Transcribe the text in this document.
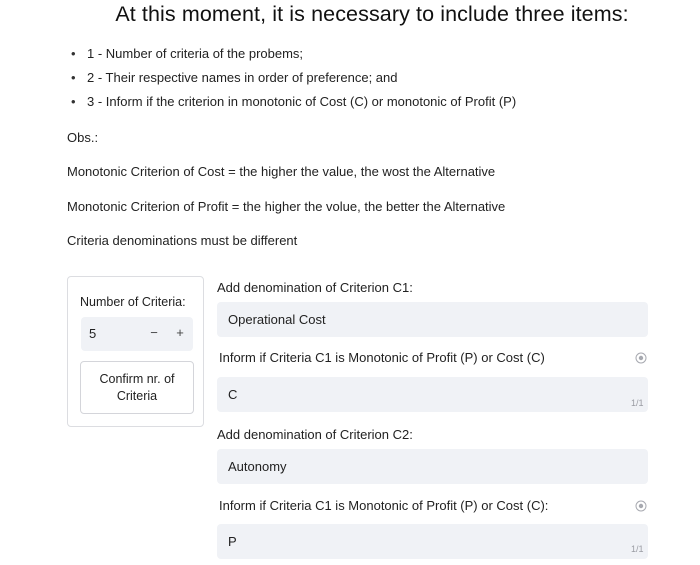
At this moment, it is necessary to include three items:
• 1 - Number of criteria of the probems;
• 2 - Their respective names in order of preference; and
• 3 - Inform if the criterion in monotonic of Cost (C) or monotonic of Profit (P)

Obs.:

Monotonic Criterion of Cost = the higher the value, the wost the Alternative

Monotonic Criterion of Profit = the higher the volue, the better the Alternative

Criteria denominations must be different

Number of Criteria:
5	− +
Confirm nr. of Criteria
Add denomination of Criterion C1:
Operational Cost
Inform if Criteria C1 is Monotonic of Profit (P) or Cost (C)
C
1/1
Add denomination of Criterion C2:
Autonomy
Inform if Criteria C1 is Monotonic of Profit (P) or Cost (C):
P
1/1
